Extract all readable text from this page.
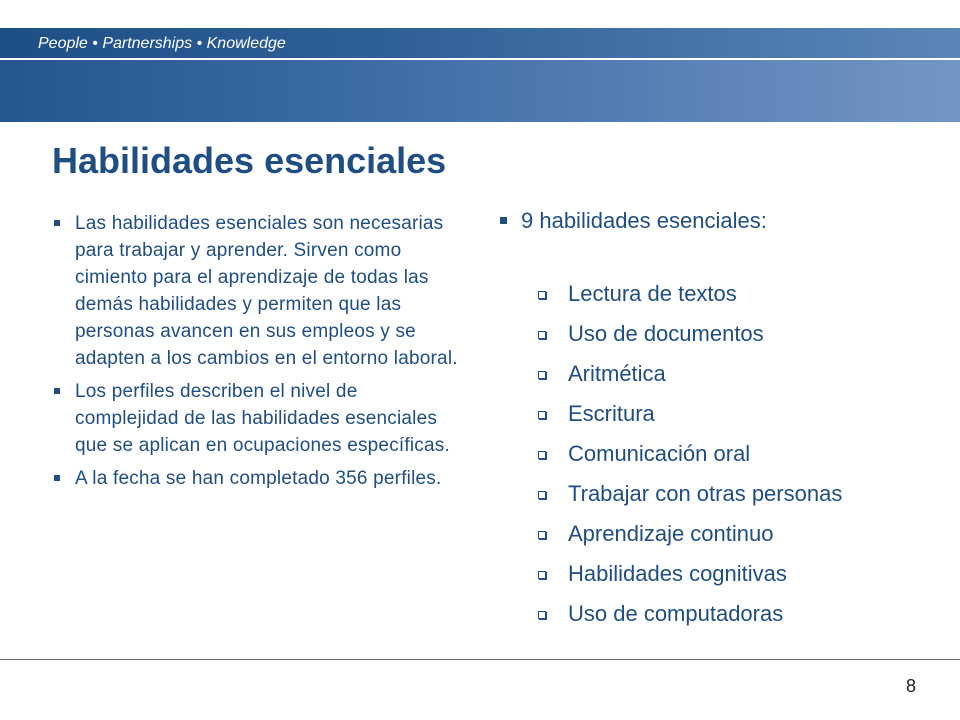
People • Partnerships • Knowledge
Habilidades esenciales
Las habilidades esenciales son necesarias para trabajar y aprender. Sirven como cimiento para el aprendizaje de todas las demás habilidades y permiten que las personas avancen en sus empleos y se adapten a los cambios en el entorno laboral.
Los perfiles describen el nivel de complejidad de las habilidades esenciales que se aplican en ocupaciones específicas.
A la fecha se han completado 356 perfiles.
9 habilidades esenciales:
Lectura de textos
Uso de documentos
Aritmética
Escritura
Comunicación oral
Trabajar con otras personas
Aprendizaje continuo
Habilidades cognitivas
Uso de computadoras
8
